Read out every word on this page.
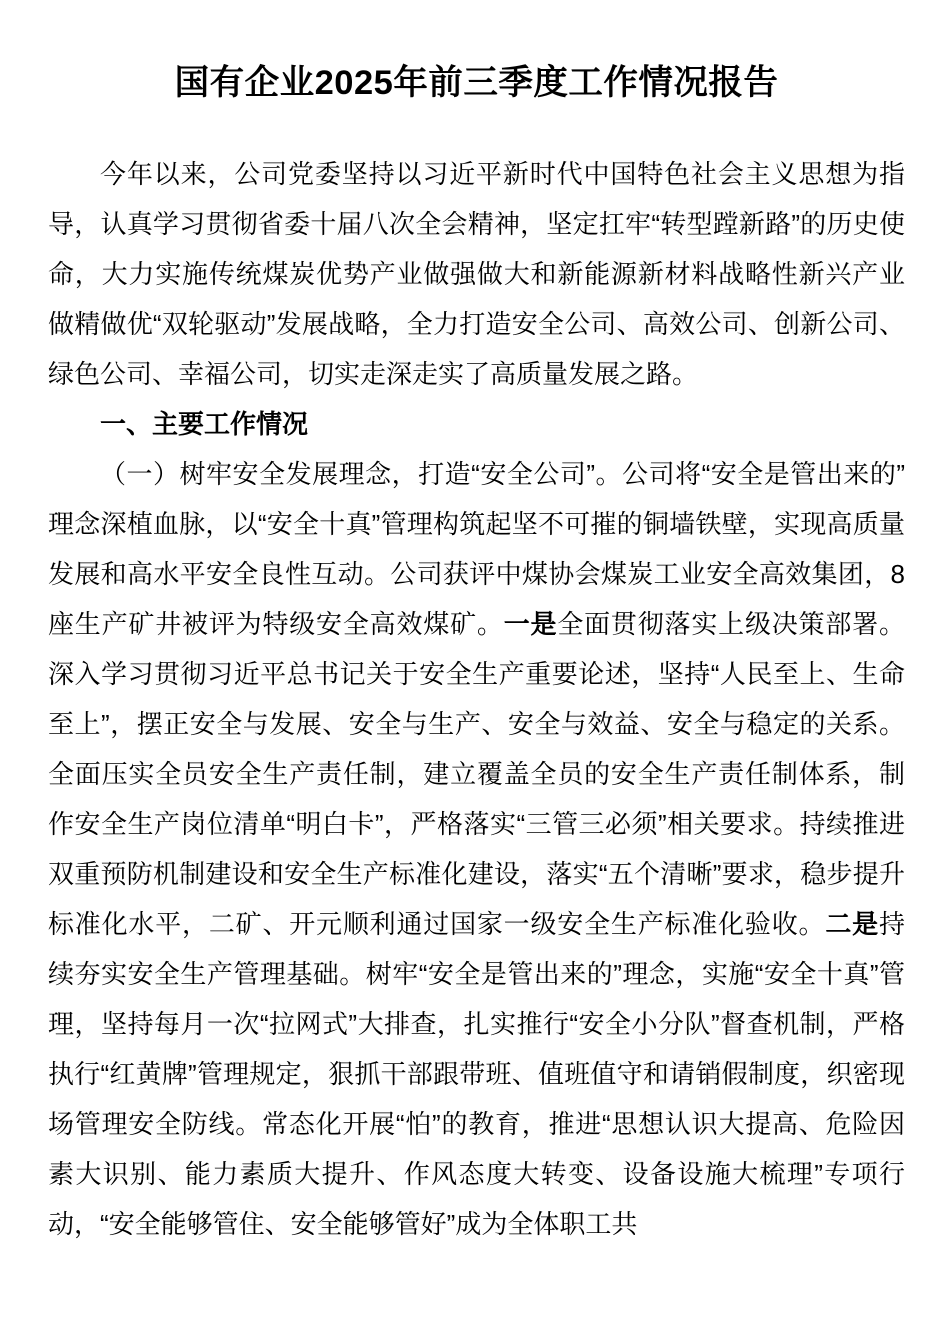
国有企业2025年前三季度工作情况报告

今年以来，公司党委坚持以习近平新时代中国特色社会主义思想为指导，认真学习贯彻省委十届八次全会精神，坚定扛牢“转型蹚新路”的历史使命，大力实施传统煤炭优势产业做强做大和新能源新材料战略性新兴产业做精做优“双轮驱动”发展战略，全力打造安全公司、高效公司、创新公司、绿色公司、幸福公司，切实走深走实了高质量发展之路。

一、主要工作情况

（一）树牢安全发展理念，打造“安全公司”。公司将“安全是管出来的”理念深植血脉，以“安全十真”管理构筑起坚不可摧的铜墙铁壁，实现高质量发展和高水平安全良性互动。公司获评中煤协会煤炭工业安全高效集团，8座生产矿井被评为特级安全高效煤矿。一是全面贯彻落实上级决策部署。深入学习贯彻习近平总书记关于安全生产重要论述，坚持“人民至上、生命至上”，摆正安全与发展、安全与生产、安全与效益、安全与稳定的关系。全面压实全员安全生产责任制，建立覆盖全员的安全生产责任制体系，制作安全生产岗位清单“明白卡”，严格落实“三管三必须”相关要求。持续推进双重预防机制建设和安全生产标准化建设，落实“五个清晰”要求，稳步提升标准化水平，二矿、开元顺利通过国家一级安全生产标准化验收。二是持续夯实安全生产管理基础。树牢“安全是管出来的”理念，实施“安全十真”管理，坚持每月一次“拉网式”大排查，扎实推行“安全小分队”督查机制，严格执行“红黄牌”管理规定，狠抓干部跟带班、值班值守和请销假制度，织密现场管理安全防线。常态化开展“怕”的教育，推进“思想认识大提高、危险因素大识别、能力素质大提升、作风态度大转变、设备设施大梳理”专项行动，“安全能够管住、安全能够管好”成为全体职工共
